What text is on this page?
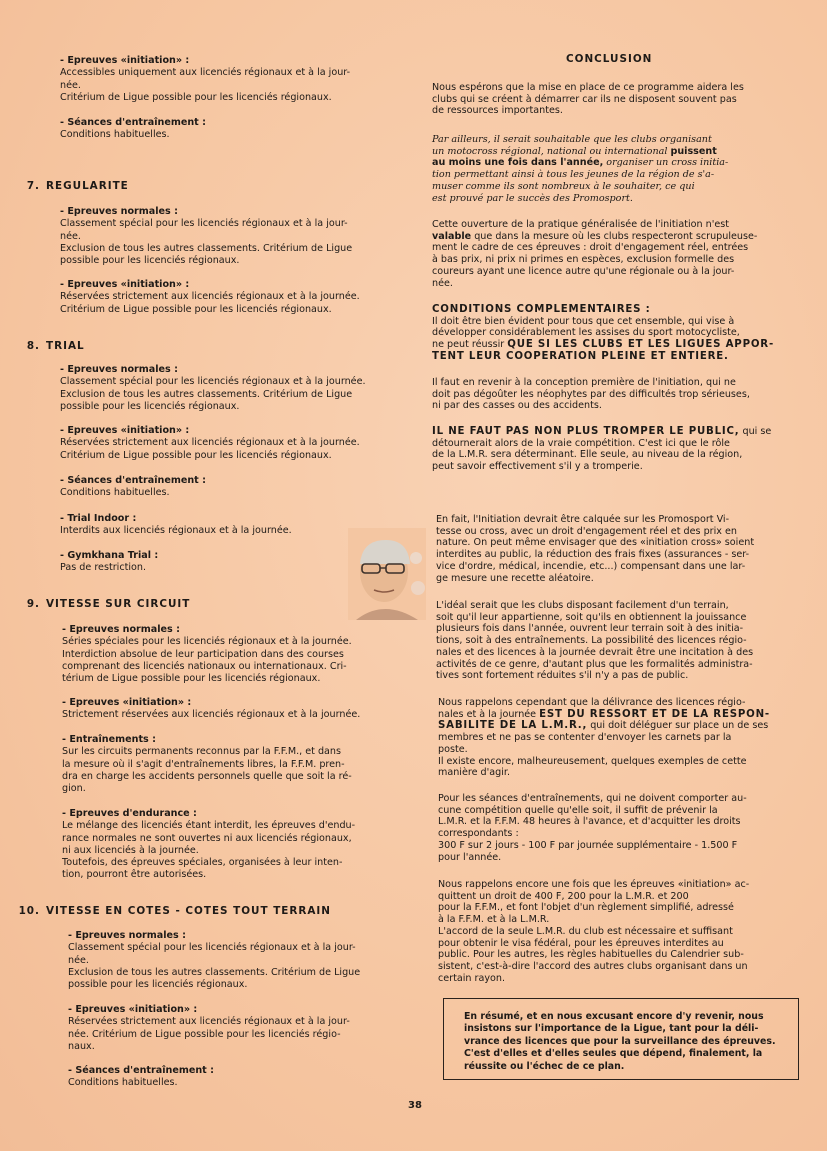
- Epreuves «initiation» :
Accessibles uniquement aux licenciés régionaux et à la jour-
née.
Critérium de Ligue possible pour les licenciés régionaux.
- Séances d'entraînement :
Conditions habituelles.
7. REGULARITE
- Epreuves normales :
Classement spécial pour les licenciés régionaux et à la jour-
née.
Exclusion de tous les autres classements. Critérium de Ligue
possible pour les licenciés régionaux.
- Epreuves «initiation» :
Réservées strictement aux licenciés régionaux et à la journée.
Critérium de Ligue possible pour les licenciés régionaux.
8. TRIAL
- Epreuves normales :
Classement spécial pour les licenciés régionaux et à la journée.
Exclusion de tous les autres classements. Critérium de Ligue
possible pour les licenciés régionaux.
- Epreuves «initiation» :
Réservées strictement aux licenciés régionaux et à la journée.
Critérium de Ligue possible pour les licenciés régionaux.
- Séances d'entraînement :
Conditions habituelles.
- Trial Indoor :
Interdits aux licenciés régionaux et à la journée.
- Gymkhana Trial :
Pas de restriction.
9. VITESSE SUR CIRCUIT
- Epreuves normales :
Séries spéciales pour les licenciés régionaux et à la journée.
Interdiction absolue de leur participation dans des courses
comprenant des licenciés nationaux ou internationaux. Cri-
térium de Ligue possible pour les licenciés régionaux.
- Epreuves «initiation» :
Strictement réservées aux licenciés régionaux et à la journée.
- Entraînements :
Sur les circuits permanents reconnus par la F.F.M., et dans
la mesure où il s'agit d'entraînements libres, la F.F.M. pren-
dra en charge les accidents personnels quelle que soit la ré-
gion.
- Epreuves d'endurance :
Le mélange des licenciés étant interdit, les épreuves d'endu-
rance normales ne sont ouvertes ni aux licenciés régionaux,
ni aux licenciés à la journée.
Toutefois, des épreuves spéciales, organisées à leur inten-
tion, pourront être autorisées.
10. VITESSE EN COTES - COTES TOUT TERRAIN
- Epreuves normales :
Classement spécial pour les licenciés régionaux et à la jour-
née.
Exclusion de tous les autres classements. Critérium de Ligue
possible pour les licenciés régionaux.
- Epreuves «initiation» :
Réservées strictement aux licenciés régionaux et à la jour-
née. Critérium de Ligue possible pour les licenciés régio-
naux.
- Séances d'entraînement :
Conditions habituelles.
CONCLUSION
Nous espérons que la mise en place de ce programme aidera les
clubs qui se créent à démarrer car ils ne disposent souvent pas
de ressources importantes.
Par ailleurs, il serait souhaitable que les clubs organisant
un motocross régional, national ou international puissent
au moins une fois dans l'année, organiser un cross initia-
tion permettant ainsi à tous les jeunes de la région de s'a-
muser comme ils sont nombreux à le souhaiter, ce qui
est prouvé par le succès des Promosport.
Cette ouverture de la pratique généralisée de l'initiation n'est
valable que dans la mesure où les clubs respecteront scrupuleuse-
ment le cadre de ces épreuves : droit d'engagement réel, entrées
à bas prix, ni prix ni primes en espèces, exclusion formelle des
coureurs ayant une licence autre qu'une régionale ou à la jour-
née.
CONDITIONS COMPLEMENTAIRES :
Il doit être bien évident pour tous que cet ensemble, qui vise à
développer considérablement les assises du sport motocycliste,
ne peut réussir QUE SI LES CLUBS ET LES LIGUES APPOR-
TENT LEUR COOPERATION PLEINE ET ENTIERE.
Il faut en revenir à la conception première de l'initiation, qui ne
doit pas dégoûter les néophytes par des difficultés trop sérieuses,
ni par des casses ou des accidents.
IL NE FAUT PAS NON PLUS TROMPER LE PUBLIC, qui se
détournerait alors de la vraie compétition. C'est ici que le rôle
de la L.M.R. sera déterminant. Elle seule, au niveau de la région,
peut savoir effectivement s'il y a tromperie.
En fait, l'Initiation devrait être calquée sur les Promosport Vi-
tesse ou cross, avec un droit d'engagement réel et des prix en
nature. On peut même envisager que des «initiation cross» soient
interdites au public, la réduction des frais fixes (assurances - ser-
vice d'ordre, médical, incendie, etc...) compensant dans une lar-
ge mesure une recette aléatoire.
L'idéal serait que les clubs disposant facilement d'un terrain,
soit qu'il leur appartienne, soit qu'ils en obtiennent la jouissance
plusieurs fois dans l'année, ouvrent leur terrain soit à des initia-
tions, soit à des entraînements. La possibilité des licences régio-
nales et des licences à la journée devrait être une incitation à des
activités de ce genre, d'autant plus que les formalités administra-
tives sont fortement réduites s'il n'y a pas de public.
Nous rappelons cependant que la délivrance des licences régio-
nales et à la journée EST DU RESSORT ET DE LA RESPON-
SABILITE DE LA L.M.R., qui doit déléguer sur place un de ses
membres et ne pas se contenter d'envoyer les carnets par la
poste.
Il existe encore, malheureusement, quelques exemples de cette
manière d'agir.
Pour les séances d'entraînements, qui ne doivent comporter au-
cune compétition quelle qu'elle soit, il suffit de prévenir la
L.M.R. et la F.F.M. 48 heures à l'avance, et d'acquitter les droits
correspondants :
300 F sur 2 jours - 100 F par journée supplémentaire - 1.500 F
pour l'année.
Nous rappelons encore une fois que les épreuves «initiation» ac-
quittent un droit de 400 F, 200 pour la L.M.R. et 200
pour la F.F.M., et font l'objet d'un règlement simplifié, adressé
à la F.F.M. et à la L.M.R.
L'accord de la seule L.M.R. du club est nécessaire et suffisant
pour obtenir le visa fédéral, pour les épreuves interdites au
public. Pour les autres, les règles habituelles du Calendrier sub-
sistent, c'est-à-dire l'accord des autres clubs organisant dans un
certain rayon.
En résumé, et en nous excusant encore d'y revenir, nous
insistons sur l'importance de la Ligue, tant pour la déli-
vrance des licences que pour la surveillance des épreuves.
C'est d'elles et d'elles seules que dépend, finalement, la
réussite ou l'échec de ce plan.
38
